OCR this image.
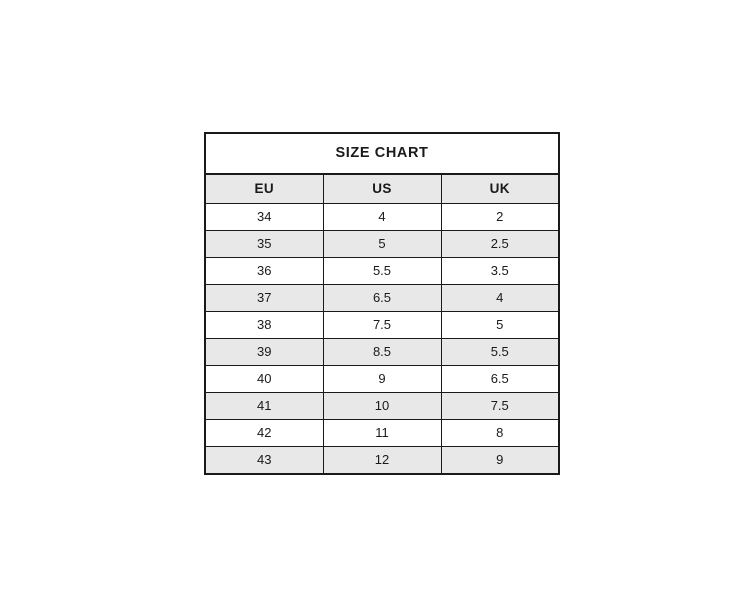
SIZE CHART		
EU	US	UK
34	4	2
35	5	2.5
36	5.5	3.5
37	6.5	4
38	7.5	5
39	8.5	5.5
40	9	6.5
41	10	7.5
42	11	8
43	12	9
